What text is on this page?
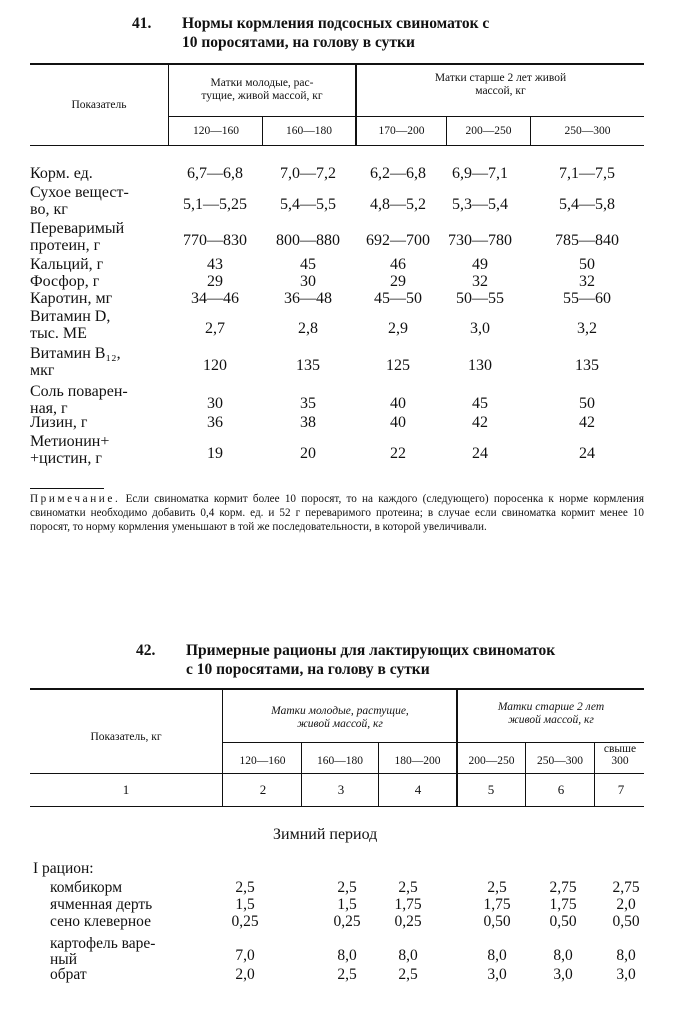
41. Нормы кормления подсосных свиноматок с
10 поросятами, на голову в сутки
Показатель
Матки молодые, рас-
тущие, живой массой, кг
Матки старше 2 лет живой
массой, кг
120—160	160—180	170—200	200—250	250—300
Корм. ед.	6,7—6,8	7,0—7,2	6,2—6,8	6,9—7,1	7,1—7,5
Сухое вещест-
во, кг	5,1—5,25	5,4—5,5	4,8—5,2	5,3—5,4	5,4—5,8
Переваримый
протеин, г	770—830	800—880	692—700	730—780	785—840
Кальций, г	43	45	46	49	50
Фосфор, г	29	30	29	32	32
Каротин, мг	34—46	36—48	45—50	50—55	55—60
Витамин D,
тыс. МЕ	2,7	2,8	2,9	3,0	3,2
Витамин B₁₂,
мкг	120	135	125	130	135
Соль поварен-
ная, г	30	35	40	45	50
Лизин, г	36	38	40	42	42
Метионин+
+цистин, г	19	20	22	24	24
Примечание. Если свиноматка кормит более 10 поросят, то на каждого (следующего) поросенка к норме кормления свиноматки необходимо добавить 0,4 корм. ед. и 52 г переваримого протеина; в случае если свиноматка кормит менее 10 поросят, то норму кормления уменьшают в той же последовательности, в которой увеличивали.
42. Примерные рационы для лактирующих свиноматок
с 10 поросятами, на голову в сутки
Показатель, кг
Матки молодые, растущие,
живой массой, кг
Матки старше 2 лет
живой массой, кг
120—160	160—180	180—200	200—250	250—300
свыше
300
1	2	3	4	5	6	7
Зимний период
I рацион:
комбикорм	2,5	2,5	2,5	2,5	2,75	2,75
ячменная дерть	1,5	1,5	1,75	1,75	1,75	2,0
сено клеверное	0,25	0,25	0,25	0,50	0,50	0,50
картофель варе-
ный	7,0	8,0	8,0	8,0	8,0	8,0
обрат	2,0	2,5	2,5	3,0	3,0	3,0
